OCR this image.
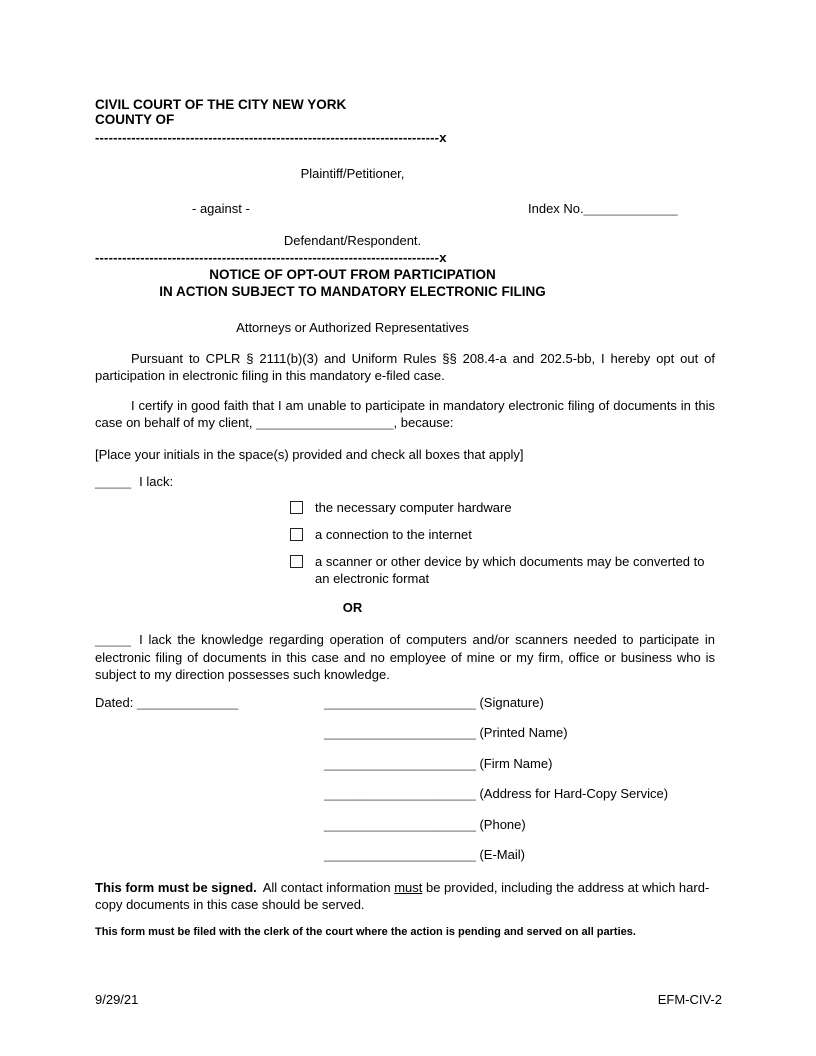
CIVIL COURT OF THE CITY NEW YORK
COUNTY OF
----------------------------------------------------------------------------x
Plaintiff/Petitioner,
- against -	Index No._____________
Defendant/Respondent.
----------------------------------------------------------------------------x
NOTICE OF OPT-OUT FROM PARTICIPATION
IN ACTION SUBJECT TO MANDATORY ELECTRONIC FILING
Attorneys or Authorized Representatives

Pursuant to CPLR § 2111(b)(3) and Uniform Rules §§ 208.4-a and 202.5-bb, I hereby opt out of participation in electronic filing in this mandatory e-filed case.

I certify in good faith that I am unable to participate in mandatory electronic filing of documents in this case on behalf of my client, ___________________, because:

[Place your initials in the space(s) provided and check all boxes that apply]

_____ I lack:
the necessary computer hardware
a connection to the internet
a scanner or other device by which documents may be converted to an electronic format
OR

_____ I lack the knowledge regarding operation of computers and/or scanners needed to participate in electronic filing of documents in this case and no employee of mine or my firm, office or business who is subject to my direction possesses such knowledge.

Dated: ______________	_____________________ (Signature)
_____________________ (Printed Name)
_____________________ (Firm Name)
_____________________ (Address for Hard-Copy Service)
_____________________ (Phone)
_____________________ (E-Mail)

This form must be signed. All contact information must be provided, including the address at which hard-copy documents in this case should be served.

This form must be filed with the clerk of the court where the action is pending and served on all parties.

9/29/21	EFM-CIV-2
